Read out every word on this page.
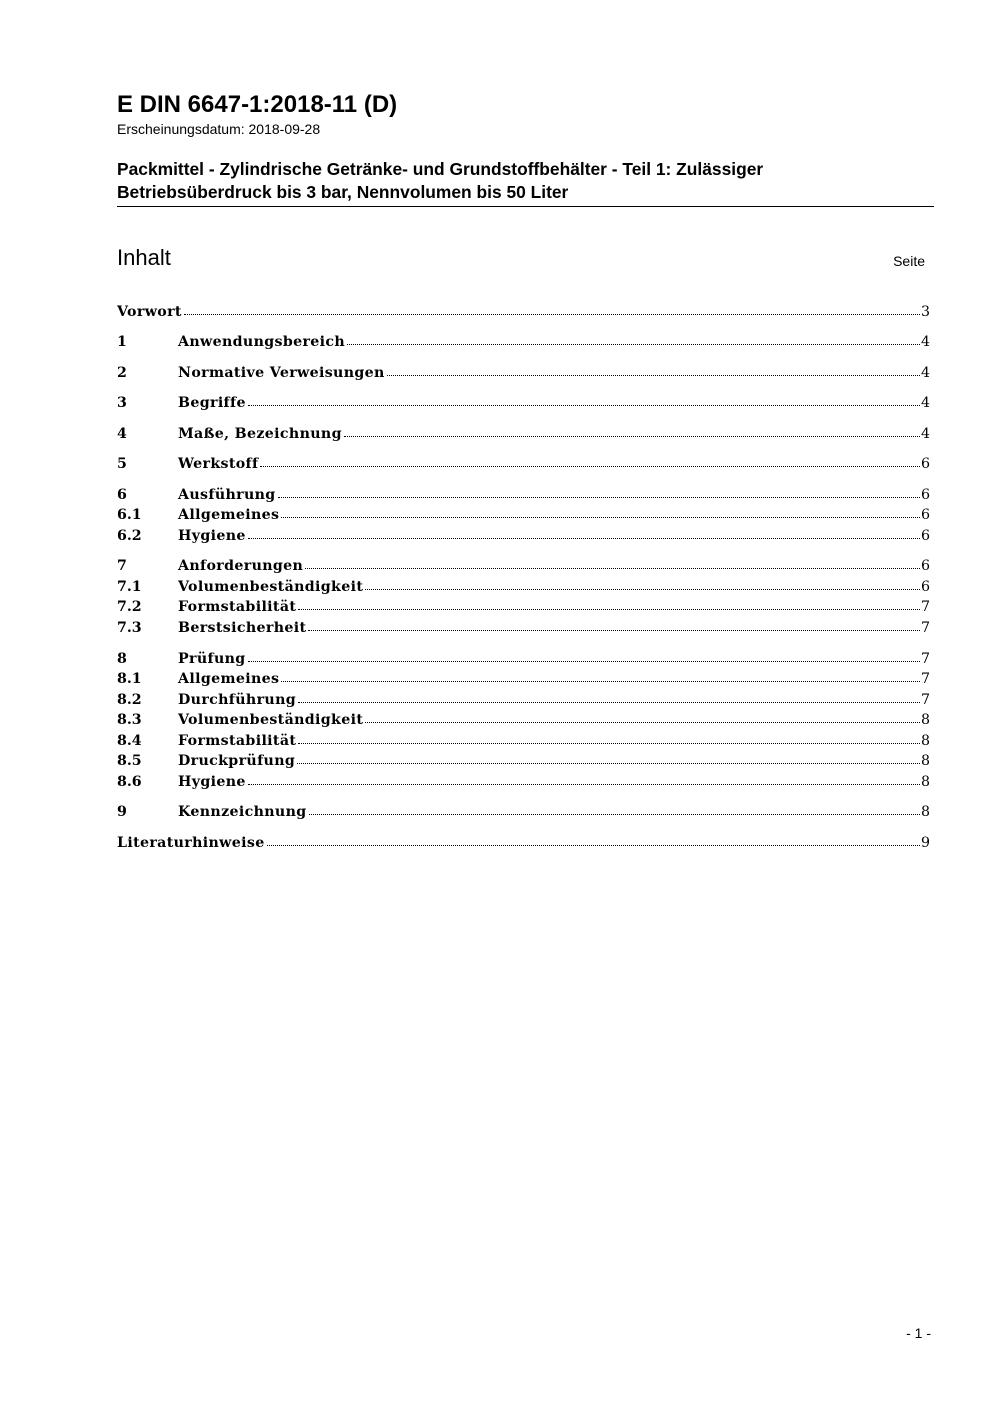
E DIN 6647-1:2018-11 (D)
Erscheinungsdatum: 2018-09-28
Packmittel - Zylindrische Getränke- und Grundstoffbehälter - Teil 1: Zulässiger
Betriebsüberdruck bis 3 bar, Nennvolumen bis 50 Liter
Inhalt	Seite
Vorwort	3
1	Anwendungsbereich	4
2	Normative Verweisungen	4
3	Begriffe	4
4	Maße, Bezeichnung	4
5	Werkstoff	6
6	Ausführung	6
6.1	Allgemeines	6
6.2	Hygiene	6
7	Anforderungen	6
7.1	Volumenbeständigkeit	6
7.2	Formstabilität	7
7.3	Berstsicherheit	7
8	Prüfung	7
8.1	Allgemeines	7
8.2	Durchführung	7
8.3	Volumenbeständigkeit	8
8.4	Formstabilität	8
8.5	Druckprüfung	8
8.6	Hygiene	8
9	Kennzeichnung	8
Literaturhinweise	9
- 1 -
